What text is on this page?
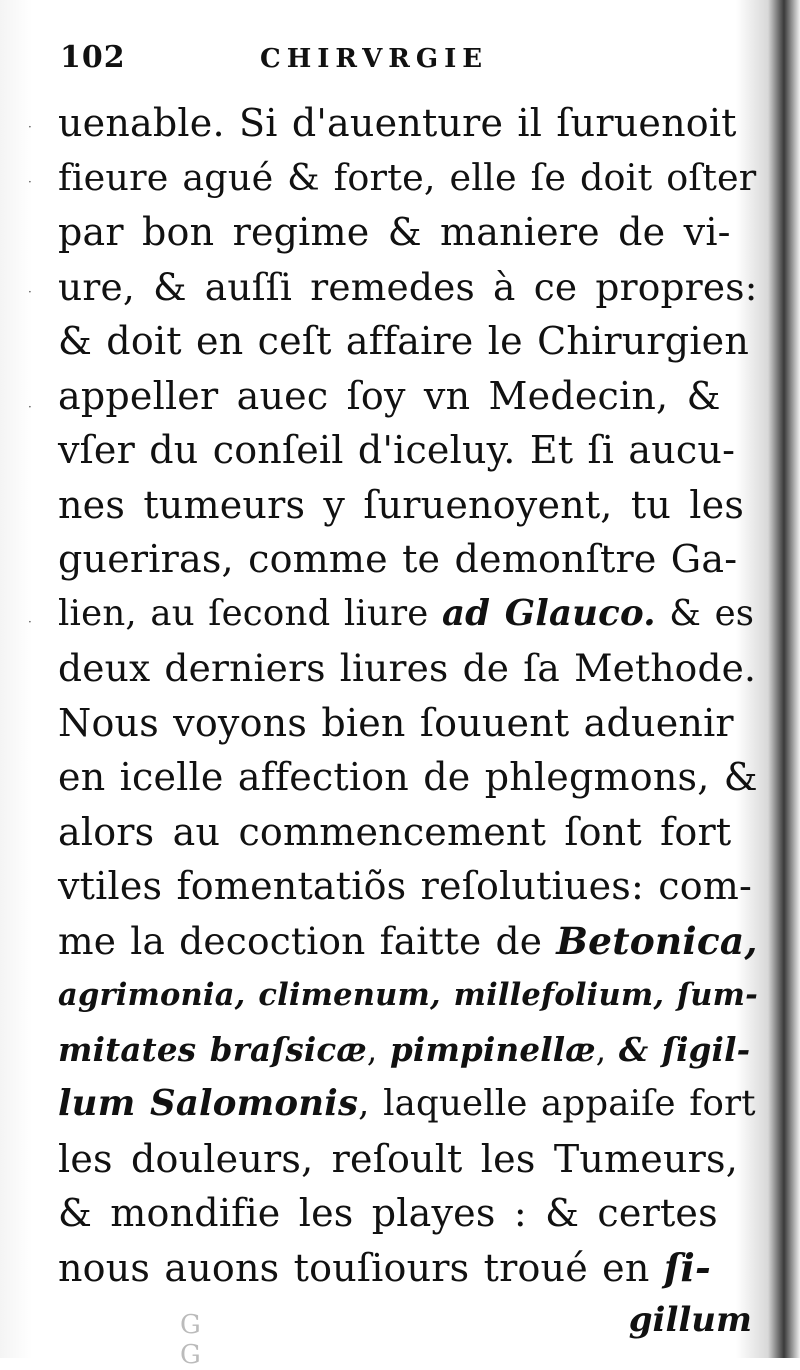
·
·
·
·
·
102	CHIRVRGIE
uenable. Si d'auenture il ſuruenoit
fieure agué & forte, elle ſe doit oſter
par bon regime & maniere de vi-
ure, & auſſi remedes à ce propres:
& doit en ceſt affaire le Chirurgien
appeller auec ſoy vn Medecin, &
vſer du conſeil d'iceluy. Et ſi aucu-
nes tumeurs y ſuruenoyent, tu les
gueriras, comme te demonſtre Ga-
lien, au ſecond liure ad Glauco. & es
deux derniers liures de ſa Methode.
Nous voyons bien ſouuent aduenir
en icelle affection de phlegmons, &
alors au commencement ſont fort
vtiles fomentatiõs reſolutiues: com-
me la decoction faitte de Betonica,
agrimonia, climenum, millefolium, ſum-
mitates braſsicæ, pimpinellæ, & ſigil-
lum Salomonis, laquelle appaiſe fort
les douleurs, reſoult les Tumeurs,
& mondifie les playes : & certes
nous auons touſiours troué en ſi-
G G
gillum
